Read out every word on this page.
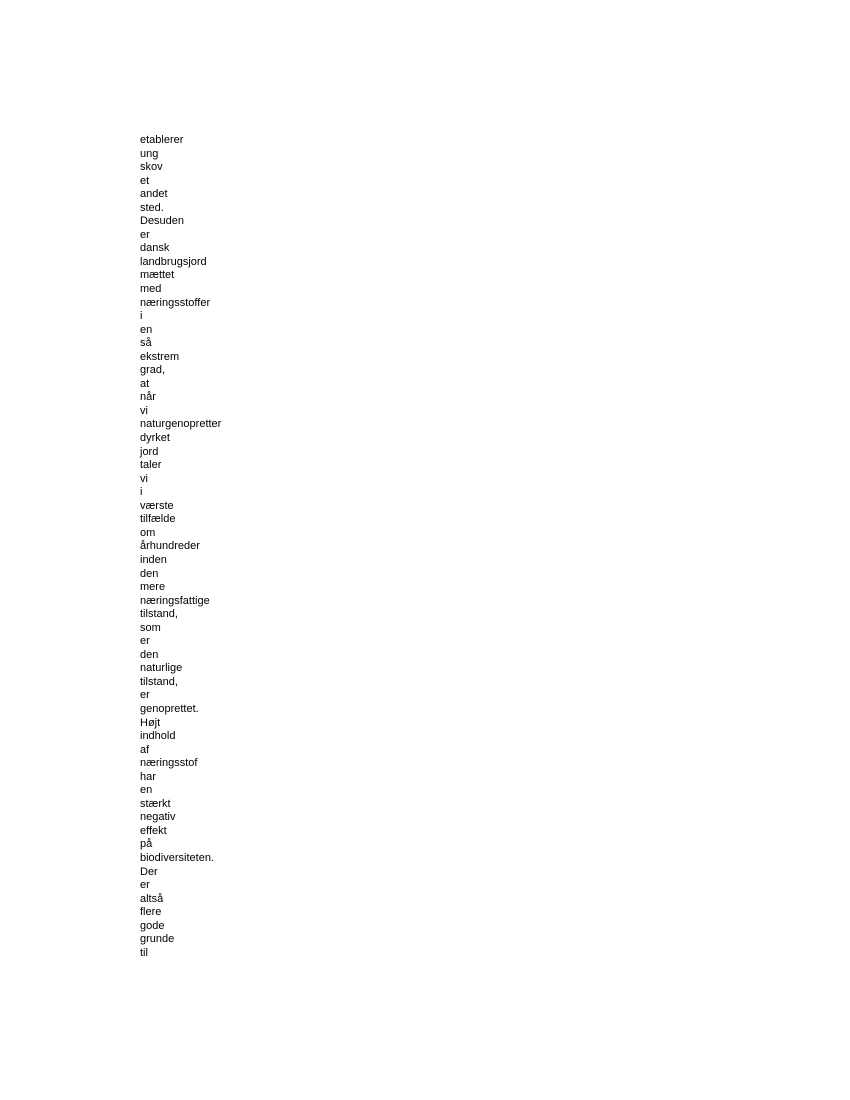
etablerer
ung
skov
et
andet
sted.
Desuden
er
dansk
landbrugsjord
mættet
med
næringsstoffer
i
en
så
ekstrem
grad,
at
når
vi
naturgenopretter
dyrket
jord
taler
vi
i
værste
tilfælde
om
århundreder
inden
den
mere
næringsfattige
tilstand,
som
er
den
naturlige
tilstand,
er
genoprettet.
Højt
indhold
af
næringsstof
har
en
stærkt
negativ
effekt
på
biodiversiteten.
Der
er
altså
flere
gode
grunde
til
